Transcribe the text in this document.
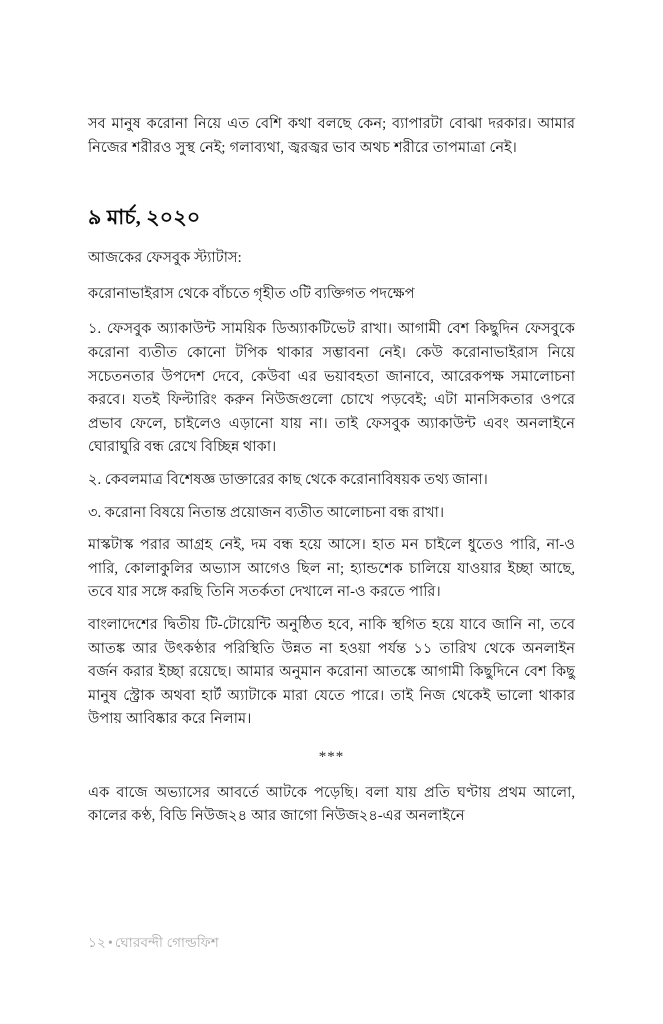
সব মানুষ করোনা নিয়ে এত বেশি কথা বলছে কেন; ব্যাপারটা বোঝা দরকার। আমার নিজের শরীরও সুস্থ নেই; গলাব্যথা, জ্বরজ্বর ভাব অথচ শরীরে তাপমাত্রা নেই।

৯ মার্চ, ২০২০

আজকের ফেসবুক স্ট্যাটাস:

করোনাভাইরাস থেকে বাঁচতে গৃহীত ৩টি ব্যক্তিগত পদক্ষেপ

১. ফেসবুক অ্যাকাউন্ট সাময়িক ডিঅ্যাকটিভেট রাখা। আগামী বেশ কিছুদিন ফেসবুকে করোনা ব্যতীত কোনো টপিক থাকার সম্ভাবনা নেই। কেউ করোনাভাইরাস নিয়ে সচেতনতার উপদেশ দেবে, কেউবা এর ভয়াবহতা জানাবে, আরেকপক্ষ সমালোচনা করবে। যতই ফিল্টারিং করুন নিউজগুলো চোখে পড়বেই; এটা মানসিকতার ওপরে প্রভাব ফেলে, চাইলেও এড়ানো যায় না। তাই ফেসবুক অ্যাকাউন্ট এবং অনলাইনে ঘোরাঘুরি বন্ধ রেখে বিচ্ছিন্ন থাকা।

২. কেবলমাত্র বিশেষজ্ঞ ডাক্তারের কাছ থেকে করোনাবিষয়ক তথ্য জানা।

৩. করোনা বিষয়ে নিতান্ত প্রয়োজন ব্যতীত আলোচনা বন্ধ রাখা।

মাস্কটাস্ক পরার আগ্রহ নেই, দম বন্ধ হয়ে আসে। হাত মন চাইলে ধুতেও পারি, না-ও পারি, কোলাকুলির অভ্যাস আগেও ছিল না; হ্যান্ডশেক চালিয়ে যাওয়ার ইচ্ছা আছে, তবে যার সঙ্গে করছি তিনি সতর্কতা দেখালে না-ও করতে পারি।

বাংলাদেশের দ্বিতীয় টি-টোয়েন্টি অনুষ্ঠিত হবে, নাকি স্থগিত হয়ে যাবে জানি না, তবে আতঙ্ক আর উৎকণ্ঠার পরিস্থিতি উন্নত না হওয়া পর্যন্ত ১১ তারিখ থেকে অনলাইন বর্জন করার ইচ্ছা রয়েছে। আমার অনুমান করোনা আতঙ্কে আগামী কিছুদিনে বেশ কিছু মানুষ স্ট্রোক অথবা হার্ট অ্যাটাকে মারা যেতে পারে। তাই নিজ থেকেই ভালো থাকার উপায় আবিষ্কার করে নিলাম।

***

এক বাজে অভ্যাসের আবর্তে আটকে পড়েছি। বলা যায় প্রতি ঘণ্টায় প্রথম আলো, কালের কণ্ঠ, বিডি নিউজ২৪ আর জাগো নিউজ২৪-এর অনলাইনে

১২ • ঘোরবন্দী গোল্ডফিশ
